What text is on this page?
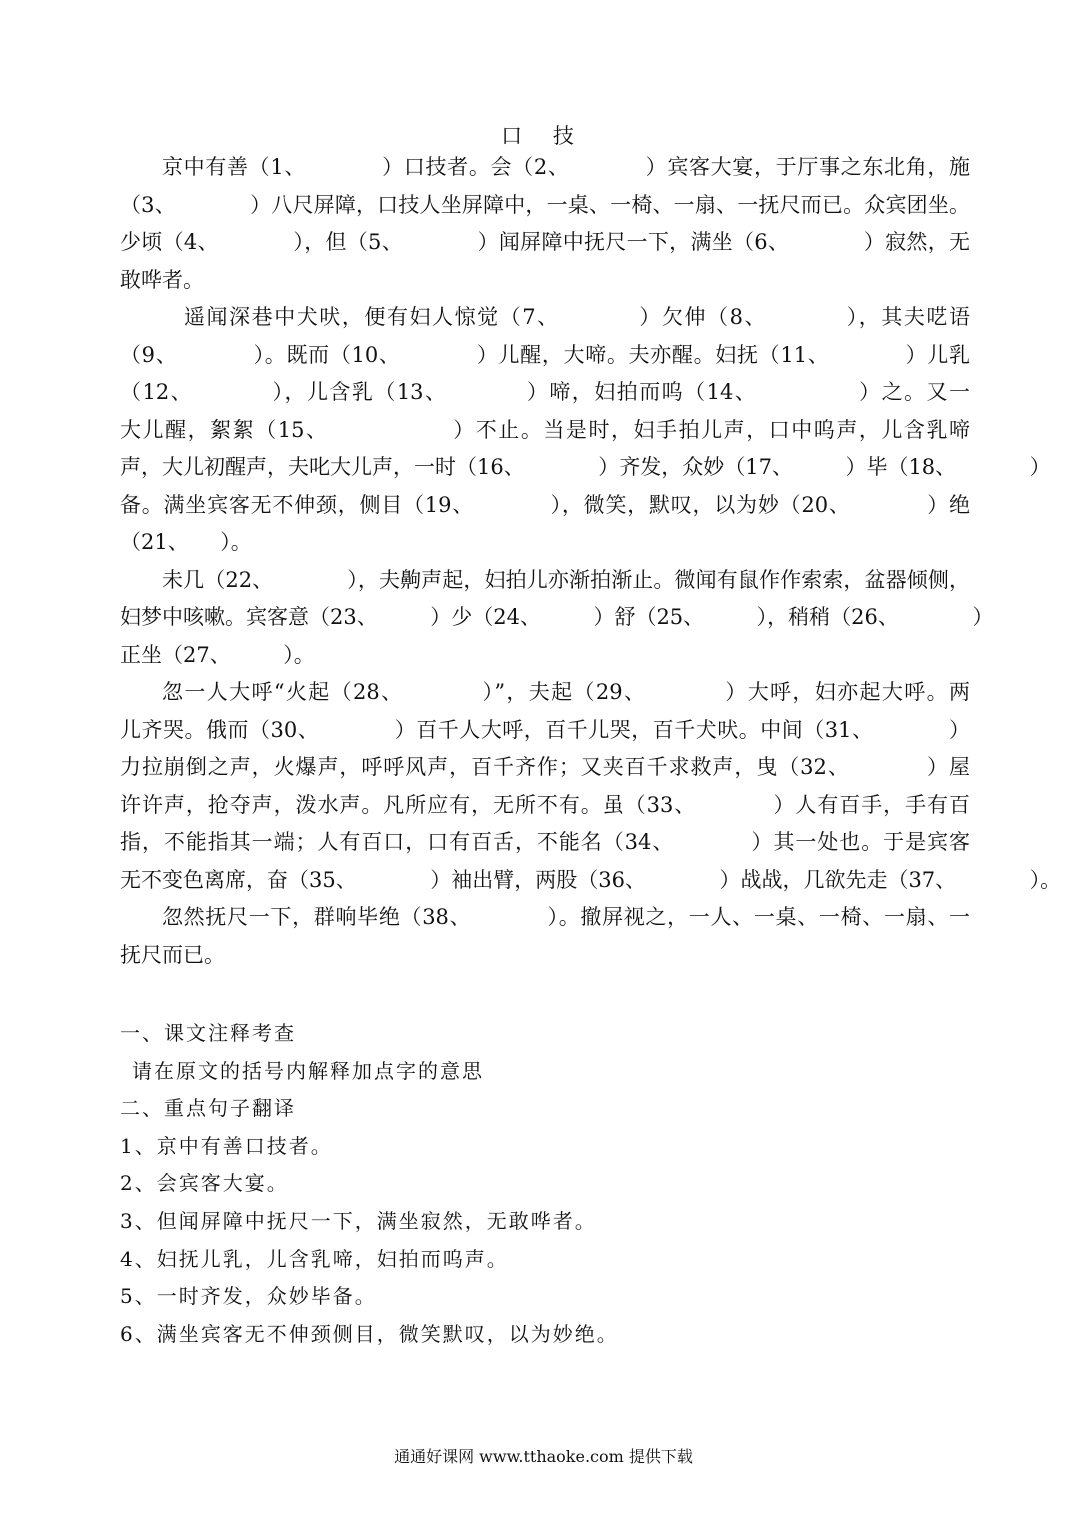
口 技
京中有善（1、　　　　）口技者。会（2、　　　　）宾客大宴，于厅事之东北角，施
（3、　　　　）八尺屏障，口技人坐屏障中，一桌、一椅、一扇、一抚尺而已。众宾团坐。
少顷（4、　　　　），但（5、　　　　）闻屏障中抚尺一下，满坐（6、　　　　）寂然，无
敢哗者。
遥闻深巷中犬吠，便有妇人惊觉（7、　　　　）欠伸（8、　　　　），其夫呓语
（9、　　　　）。既而（10、　　　　）儿醒，大啼。夫亦醒。妇抚（11、　　　　）儿乳
（12、　　　　），儿含乳（13、　　　　）啼，妇拍而呜（14、　　　　　）之。又一
大儿醒，絮絮（15、　　　　　　）不止。当是时，妇手拍儿声，口中呜声，儿含乳啼
声，大儿初醒声，夫叱大儿声，一时（16、　　　　）齐发，众妙（17、　　　）毕（18、　　　　）
备。满坐宾客无不伸颈，侧目（19、　　　　），微笑，默叹，以为妙（20、　　　　）绝
（21、　　）。
未几（22、　　　　），夫齁声起，妇拍儿亦渐拍渐止。微闻有鼠作作索索，盆器倾侧，
妇梦中咳嗽。宾客意（23、　　　）少（24、　　　）舒（25、　　　），稍稍（26、　　　　）
正坐（27、　　　）。
忽一人大呼“火起（28、　　　　）”，夫起（29、　　　　）大呼，妇亦起大呼。两
儿齐哭。俄而（30、　　　　）百千人大呼，百千儿哭，百千犬吠。中间（31、　　　　）
力拉崩倒之声，火爆声，呼呼风声，百千齐作；又夹百千求救声，曳（32、　　　　）屋
许许声，抢夺声，泼水声。凡所应有，无所不有。虽（33、　　　　）人有百手，手有百
指，不能指其一端；人有百口，口有百舌，不能名（34、　　　　）其一处也。于是宾客
无不变色离席，奋（35、　　　　）袖出臂，两股（36、　　　　）战战，几欲先走（37、　　　　）。
忽然抚尺一下，群响毕绝（38、　　　　）。撤屏视之，一人、一桌、一椅、一扇、一
抚尺而已。
一、课文注释考查
请在原文的括号内解释加点字的意思
二、重点句子翻译
1、京中有善口技者。
2、会宾客大宴。
3、但闻屏障中抚尺一下，满坐寂然，无敢哗者。
4、妇抚儿乳，儿含乳啼，妇拍而呜声。
5、一时齐发，众妙毕备。
6、满坐宾客无不伸颈侧目，微笑默叹，以为妙绝。
通通好课网 www.tthaoke.com 提供下载
